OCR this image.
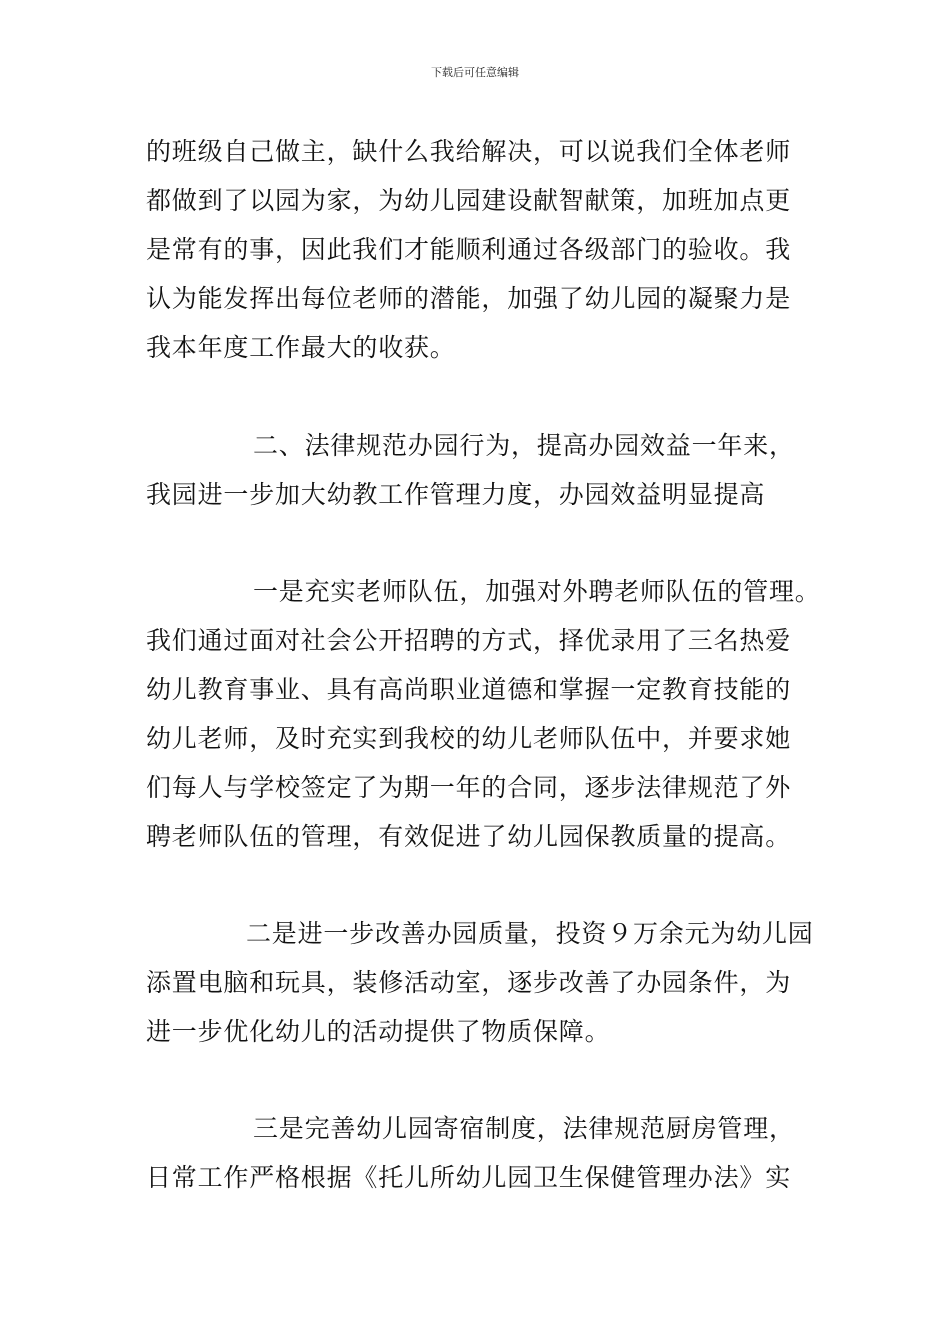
下载后可任意编辑

的班级自己做主，缺什么我给解决，可以说我们全体老师
都做到了以园为家，为幼儿园建设献智献策，加班加点更
是常有的事，因此我们才能顺利通过各级部门的验收。我
认为能发挥出每位老师的潜能，加强了幼儿园的凝聚力是
我本年度工作最大的收获。

二、法律规范办园行为，提高办园效益一年来，
我园进一步加大幼教工作管理力度，办园效益明显提高

一是充实老师队伍，加强对外聘老师队伍的管理。
我们通过面对社会公开招聘的方式，择优录用了三名热爱
幼儿教育事业、具有高尚职业道德和掌握一定教育技能的
幼儿老师，及时充实到我校的幼儿老师队伍中，并要求她
们每人与学校签定了为期一年的合同，逐步法律规范了外
聘老师队伍的管理，有效促进了幼儿园保教质量的提高。

二是进一步改善办园质量，投资９万余元为幼儿园
添置电脑和玩具，装修活动室，逐步改善了办园条件，为
进一步优化幼儿的活动提供了物质保障。

三是完善幼儿园寄宿制度，法律规范厨房管理，
日常工作严格根据《托儿所幼儿园卫生保健管理办法》实
